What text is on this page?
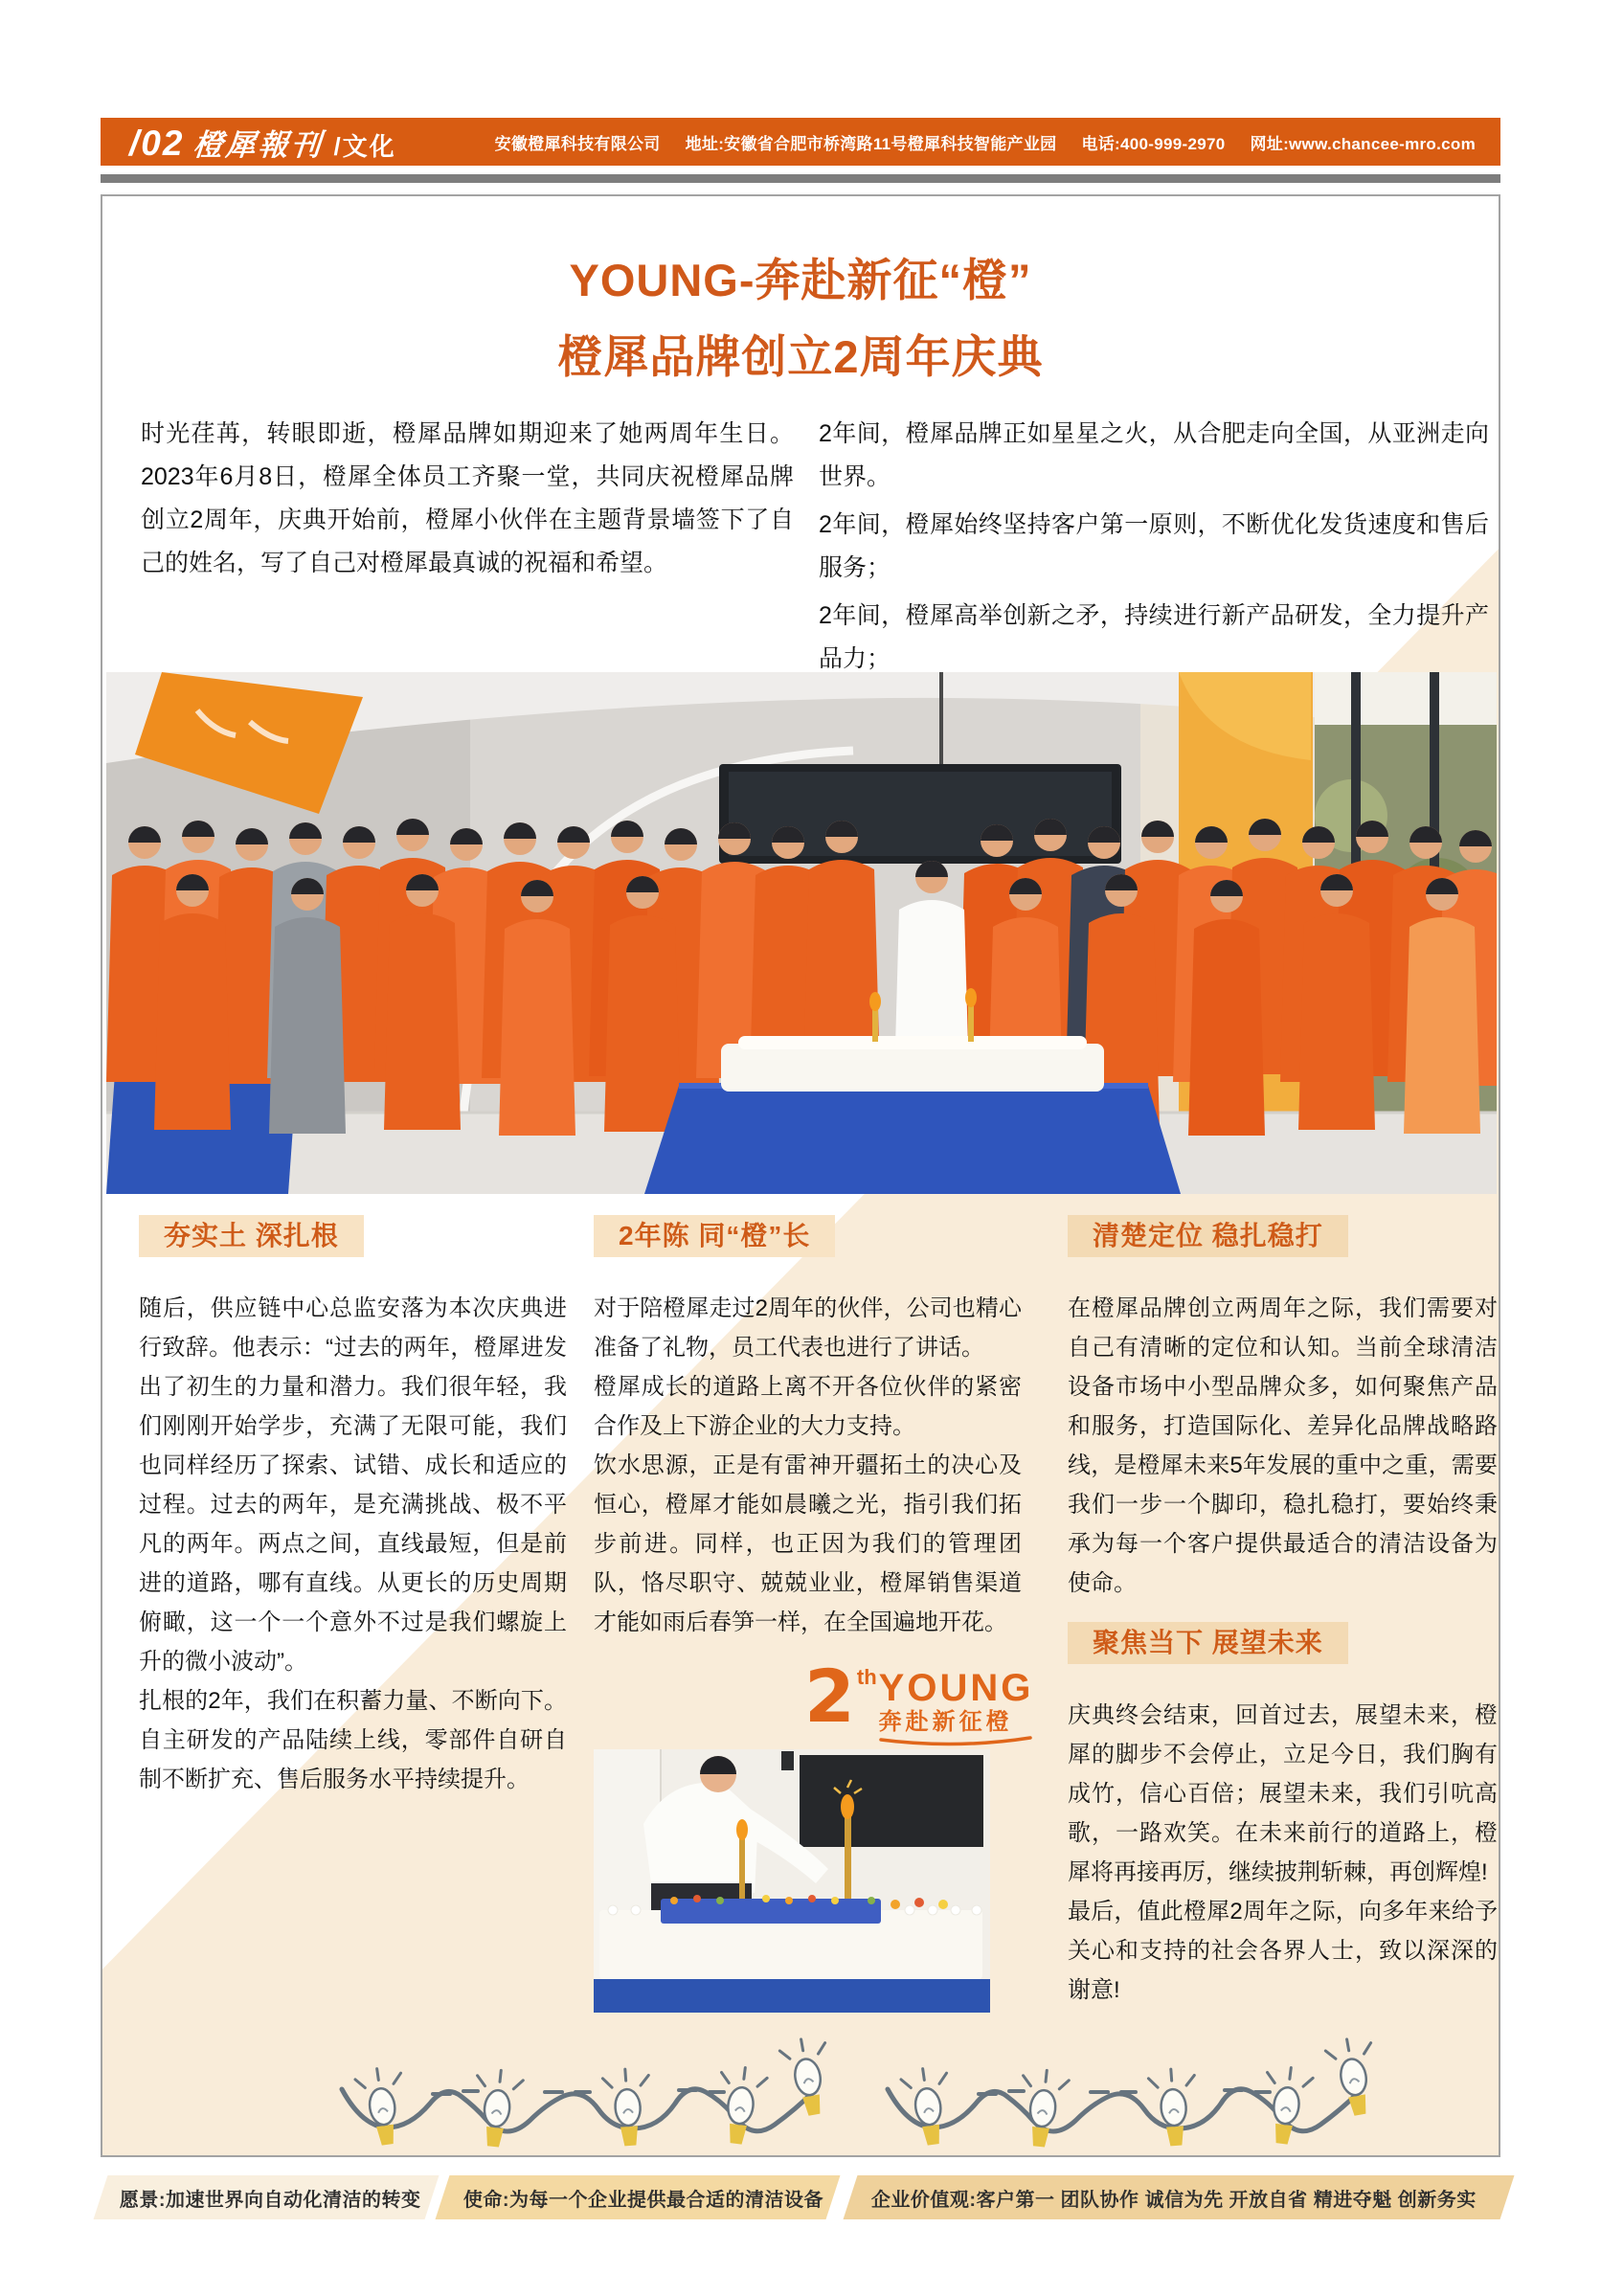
/02 橙犀報刊 /文化	安徽橙犀科技有限公司 地址:安徽省合肥市桥湾路11号橙犀科技智能产业园 电话:400-999-2970 网址:www.chancee-mro.com
YOUNG-奔赴新征“橙”
橙犀品牌创立2周年庆典

时光荏苒，转眼即逝，橙犀品牌如期迎来了她两周年生日。2023年6月8日，橙犀全体员工齐聚一堂，共同庆祝橙犀品牌创立2周年，庆典开始前，橙犀小伙伴在主题背景墙签下了自己的姓名，写了自己对橙犀最真诚的祝福和希望。

2年间，橙犀品牌正如星星之火，从合肥走向全国，从亚洲走向世界。

2年间，橙犀始终坚持客户第一原则，不断优化发货速度和售后服务；

2年间，橙犀高举创新之矛，持续进行新产品研发，全力提升产品力；

夯实土 深扎根

随后，供应链中心总监安落为本次庆典进行致辞。他表示：“过去的两年，橙犀进发出了初生的力量和潜力。我们很年轻，我们刚刚开始学步，充满了无限可能，我们也同样经历了探索、试错、成长和适应的过程。过去的两年，是充满挑战、极不平凡的两年。两点之间，直线最短，但是前进的道路，哪有直线。从更长的历史周期俯瞰，这一个一个意外不过是我们螺旋上升的微小波动”。

扎根的2年，我们在积蓄力量、不断向下。自主研发的产品陆续上线，零部件自研自制不断扩充、售后服务水平持续提升。

2年陈 同“橙”长

对于陪橙犀走过2周年的伙伴，公司也精心准备了礼物，员工代表也进行了讲话。

橙犀成长的道路上离不开各位伙伴的紧密合作及上下游企业的大力支持。

饮水思源，正是有雷神开疆拓土的决心及恒心，橙犀才能如晨曦之光，指引我们拓步前进。同样，也正因为我们的管理团队，恪尽职守、兢兢业业，橙犀销售渠道才能如雨后春笋一样，在全国遍地开花。

清楚定位 稳扎稳打

在橙犀品牌创立两周年之际，我们需要对自己有清晰的定位和认知。当前全球清洁设备市场中小型品牌众多，如何聚焦产品和服务，打造国际化、差异化品牌战略路线，是橙犀未来5年发展的重中之重，需要我们一步一个脚印，稳扎稳打，要始终秉承为每一个客户提供最适合的清洁设备为使命。

聚焦当下 展望未来

庆典终会结束，回首过去，展望未来，橙犀的脚步不会停止，立足今日，我们胸有成竹，信心百倍；展望未来，我们引吭高歌，一路欢笑。在未来前行的道路上，橙犀将再接再厉，继续披荆斩棘，再创辉煌!

最后，值此橙犀2周年之际，向多年来给予关心和支持的社会各界人士，致以深深的谢意!

2 th YOUNG
奔赴新征橙
愿景:加速世界向自动化清洁的转变	使命:为每一个企业提供最合适的清洁设备	企业价值观:客户第一 团队协作 诚信为先 开放自省 精进夺魁 创新务实
